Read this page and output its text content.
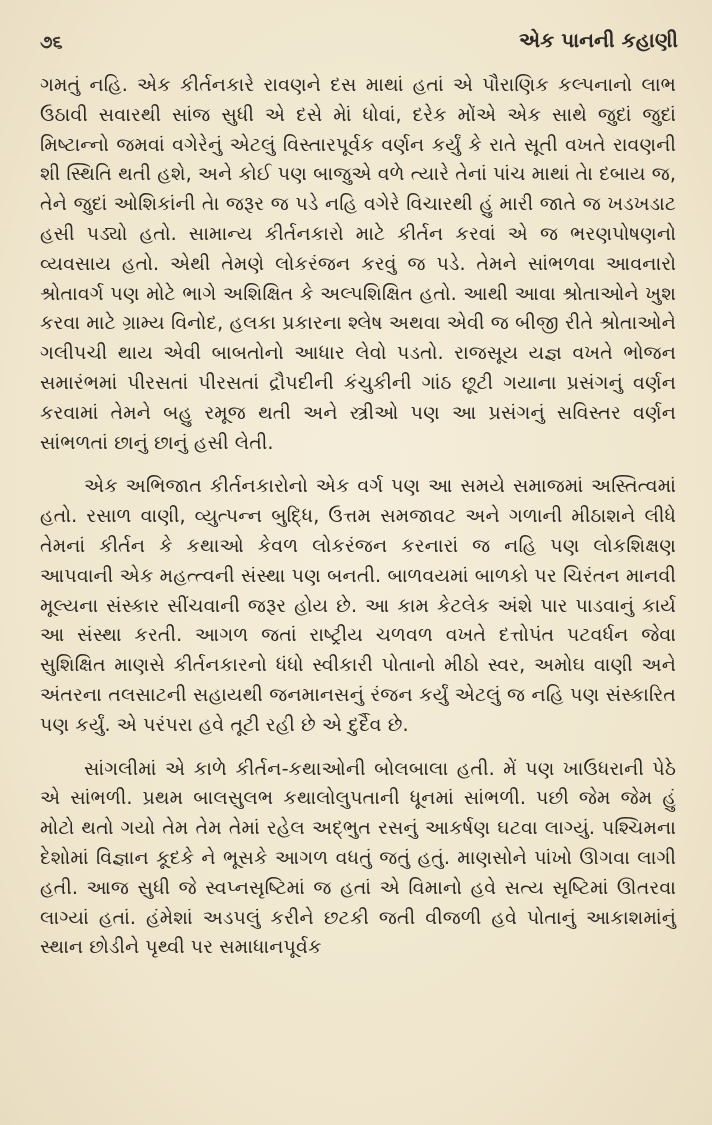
૭૬	એક પાનની કહાણી

ગમતું નહિ. એક કીર્તનકારે રાવણને દસ માથાં હતાં એ પૌરાણિક કલ્પનાનો લાભ ઉઠાવી સવારથી સાંજ સુધી એ દસે મેાં ધોવાં, દરેક મોંએ એક સાથે જુદાં જુદાં મિષ્ટાન્નો જમવાં વગેરેનું એટલું વિસ્તારપૂર્વક વર્ણન કર્યું કે રાતે સૂતી વખતે રાવણની શી સ્થિતિ થતી હશે, અને કોઈ પણ બાજુએ વળે ત્યારે તેનાં પાંચ માથાં તેા દબાય જ, તેને જુદાં ઓશિકાંની તેા જરૂર જ પડે નહિ વગેરે વિચારથી હું મારી જાતે જ ખડખડાટ હસી પડ્યો હતો. સામાન્ય કીર્તનકારો માટે કીર્તન કરવાં એ જ ભરણપોષણનો વ્યવસાય હતો. એથી તેમણે લોકરંજન કરવું જ પડે. તેમને સાંભળવા આવનારો શ્રોતાવર્ગ પણ મોટે ભાગે અશિક્ષિત કે અલ્પશિક્ષિત હતો. આથી આવા શ્રોતાઓને ખુશ કરવા માટે ગ્રામ્ય વિનોદ, હલકા પ્રકારના શ્લેષ અથવા એવી જ બીજી રીતે શ્રોતાઓને ગલીપચી થાય એવી બાબતોનો આધાર લેવો પડતો. રાજસૂય યજ્ઞ વખતે ભોજન સમારંભમાં પીરસતાં પીરસતાં દ્રૌપદીની કંચુકીની ગાંઠ છૂટી ગયાના પ્રસંગનું વર્ણન કરવામાં તેમને બહુ રમૂજ થતી અને સ્ત્રીઓ પણ આ પ્રસંગનું સવિસ્તર વર્ણન સાંભળતાં છાનું છાનું હસી લેતી.

એક અભિજાત કીર્તનકારોનો એક વર્ગ પણ આ સમયે સમાજમાં અસ્તિત્વમાં હતો. રસાળ વાણી, વ્યુત્પન્ન બુદ્ધિ, ઉત્તમ સમજાવટ અને ગળાની મીઠાશને લીધે તેમનાં કીર્તન કે કથાઓ કેવળ લોકરંજન કરનારાં જ નહિ પણ લોકશિક્ષણ આપવાની એક મહત્ત્વની સંસ્થા પણ બનતી. બાળવયમાં બાળકો પર ચિરંતન માનવી મૂલ્યના સંસ્કાર સીંચવાની જરૂર હોય છે. આ કામ કેટલેક અંશે પાર પાડવાનું કાર્ય આ સંસ્થા કરતી. આગળ જતાં રાષ્ટ્રીય ચળવળ વખતે દત્તોપંત પટવર્ધન જેવા સુશિક્ષિત માણસે કીર્તનકારનો ધંધો સ્વીકારી પોતાનો મીઠો સ્વર, અમોઘ વાણી અને અંતરના તલસાટની સહાયથી જનમાનસનું રંજન કર્યું એટલું જ નહિ પણ સંસ્કારિત પણ કર્યું. એ પરંપરા હવે તૂટી રહી છે એ દુર્દૈવ છે.

સાંગલીમાં એ કાળે કીર્તન-કથાઓની બોલબાલા હતી. મેં પણ ખાઉધરાની પેઠે એ સાંભળી. પ્રથમ બાલસુલભ કથાલોલુપતાની ધૂનમાં સાંભળી. પછી જેમ જેમ હું મોટો થતો ગયો તેમ તેમ તેમાં રહેલ અદ્ભુત રસનું આકર્ષણ ઘટવા લાગ્યું. પશ્ચિમના દેશોમાં વિજ્ઞાન કૂદકે ને ભૂસકે આગળ વધતું જતું હતું. માણસોને પાંખો ઊગવા લાગી હતી. આજ સુધી જે સ્વપ્નસૃષ્ટિમાં જ હતાં એ વિમાનો હવે સત્ય સૃષ્ટિમાં ઊતરવા લાગ્યાં હતાં. હંમેશાં અડપલું કરીને છટકી જતી વીજળી હવે પોતાનું આકાશમાંનું સ્થાન છોડીને પૃથ્વી પર સમાધાનપૂર્વક
